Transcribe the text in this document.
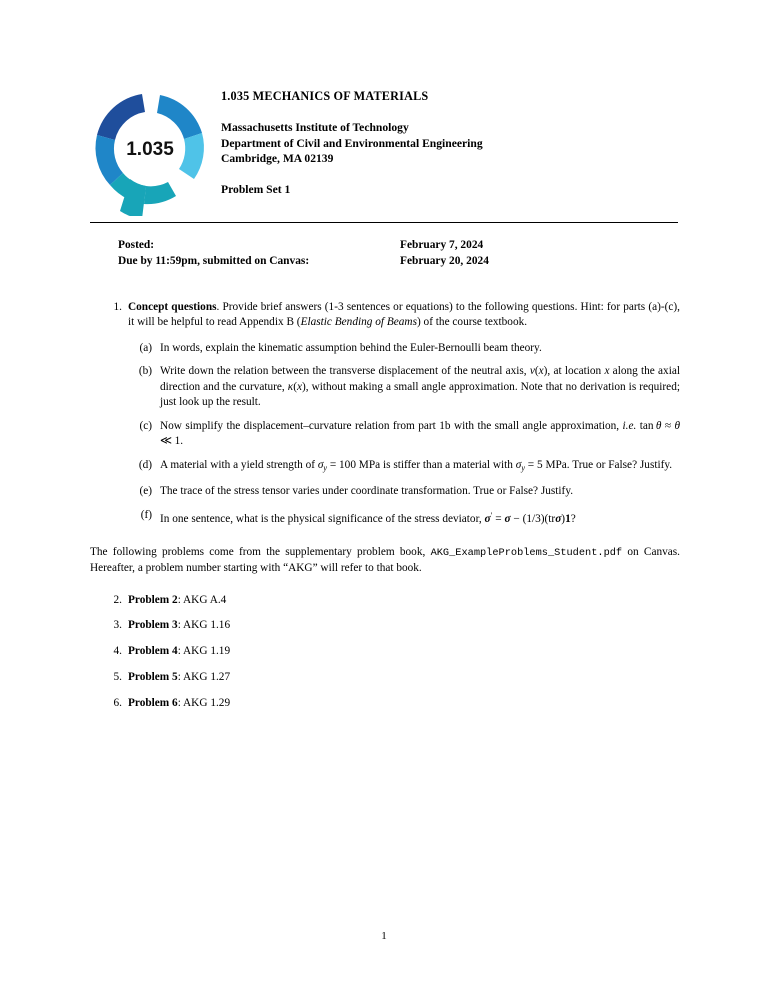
1.035
1.035 MECHANICS OF MATERIALS
Massachusetts Institute of Technology
Department of Civil and Environmental Engineering
Cambridge, MA 02139
Problem Set 1
Posted:	February 7, 2024
Due by 11:59pm, submitted on Canvas:	February 20, 2024
1. Concept questions. Provide brief answers (1-3 sentences or equations) to the following questions. Hint: for parts (a)-(c), it will be helpful to read Appendix B (Elastic Bending of Beams) of the course textbook.
(a) In words, explain the kinematic assumption behind the Euler-Bernoulli beam theory.
(b) Write down the relation between the transverse displacement of the neutral axis, v(x), at location x along the axial direction and the curvature, κ(x), without making a small angle approximation. Note that no derivation is required; just look up the result.
(c) Now simplify the displacement–curvature relation from part 1b with the small angle approximation, i.e. tan θ ≈ θ ≪ 1.
(d) A material with a yield strength of $\sigma_y = 100$ MPa is stiffer than a material with $\sigma_y = 5$ MPa. True or False? Justify.
(e) The trace of the stress tensor varies under coordinate transformation. True or False? Justify.
(f) In one sentence, what is the physical significance of the stress deviator, σ′ = σ − (1/3)(trσ)1?
The following problems come from the supplementary problem book, AKG_ExampleProblems_Student.pdf on Canvas. Hereafter, a problem number starting with “AKG” will refer to that book.
2. Problem 2: AKG A.4
3. Problem 3: AKG 1.16
4. Problem 4: AKG 1.19
5. Problem 5: AKG 1.27
6. Problem 6: AKG 1.29
1
